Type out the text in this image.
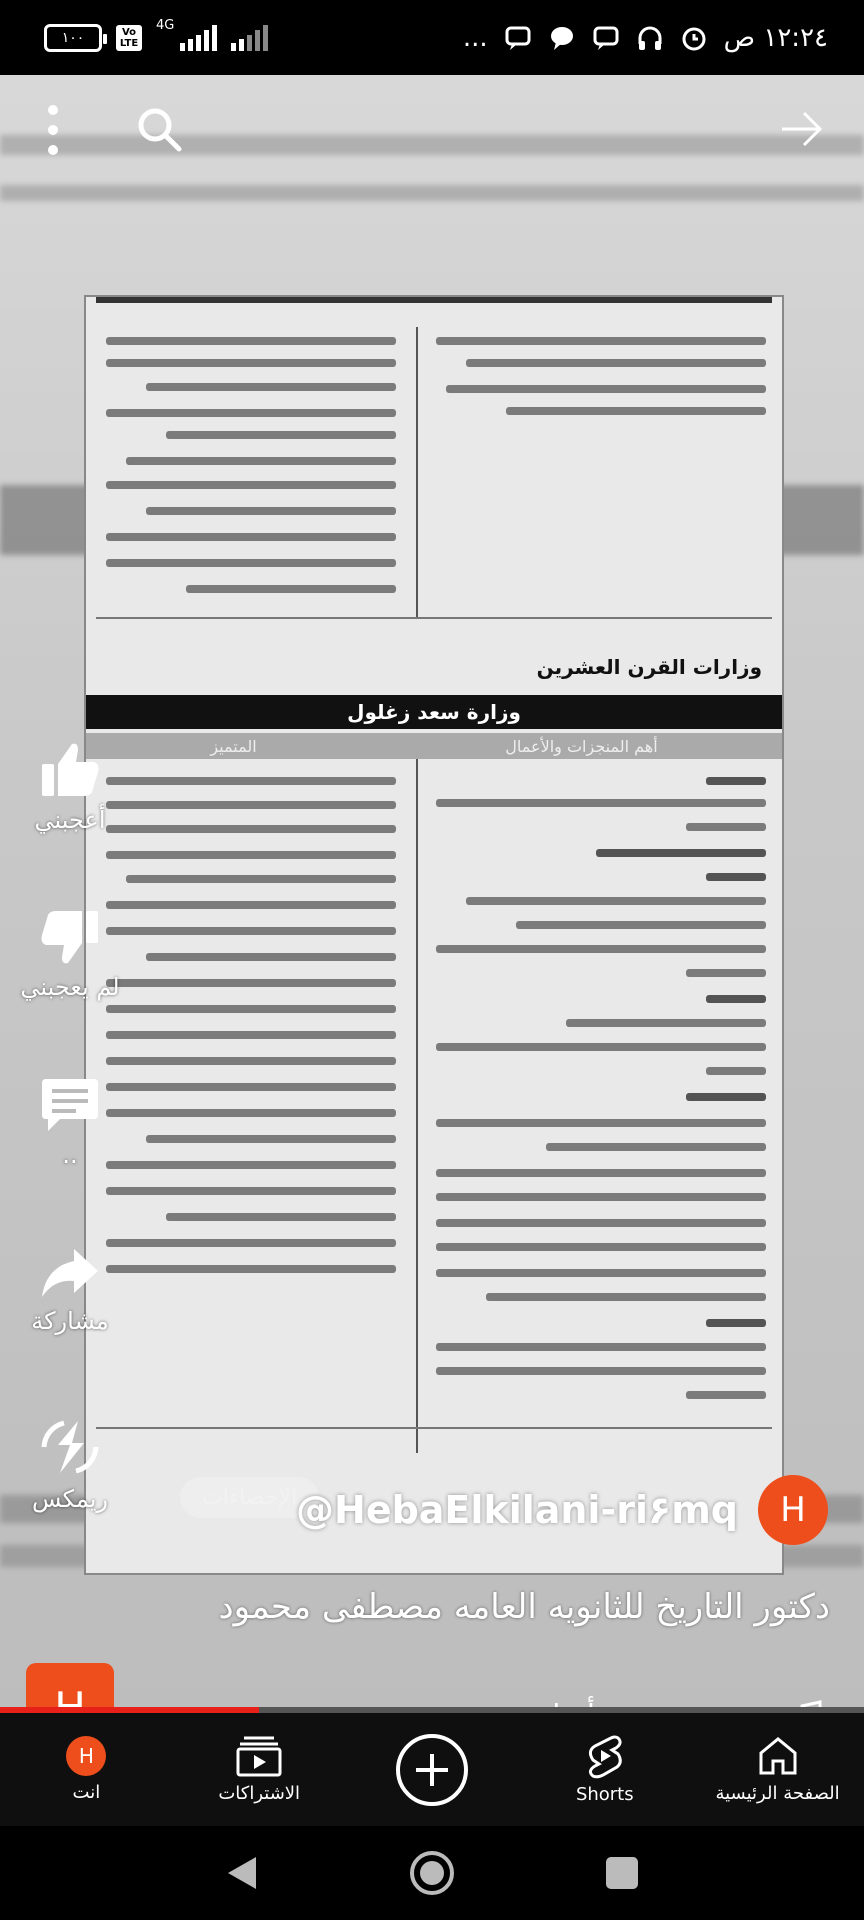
١٠٠	Vo LTE
4G	...	١٢:٢٤ ص
وزارات القرن العشرين
وزارة سعد زغلول
المتميز	أهم المنجزات والأعمال
أعجبني
لم يعجبني
..
مشاركة
ريمكس	الإحصاءات
@HebaElkilani-ri۶mq	H
دكتور التاريخ للثانويه العامه مصطفى محمود
H
انت	الاشتراكات	Shorts	الصفحة الرئيسية
